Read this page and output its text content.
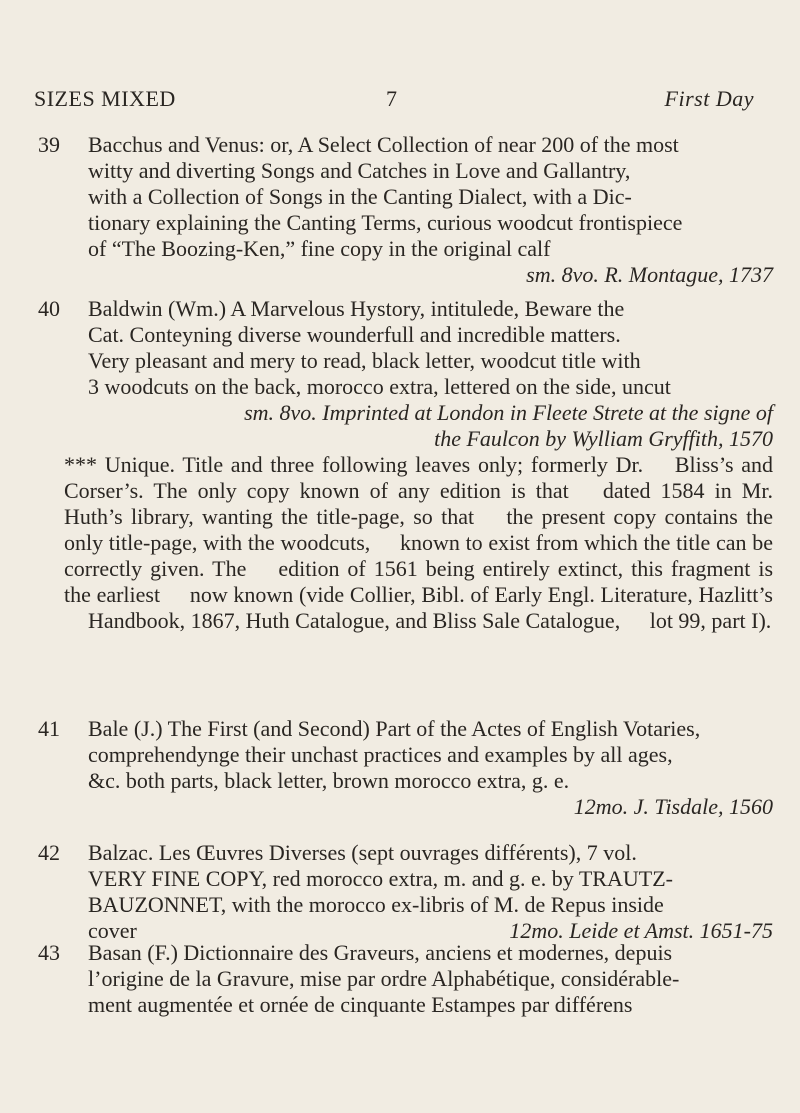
SIZES MIXED	7	First Day
39	Bacchus and Venus: or, A Select Collection of near 200 of the most
witty and diverting Songs and Catches in Love and Gallantry,
with a Collection of Songs in the Canting Dialect, with a Dic-
tionary explaining the Canting Terms, curious woodcut frontispiece
of “The Boozing-Ken,” fine copy in the original calf
sm. 8vo. R. Montague, 1737
40	Baldwin (Wm.) A Marvelous Hystory, intitulede, Beware the
Cat. Conteyning diverse wounderfull and incredible matters.
Very pleasant and mery to read, black letter, woodcut title with
3 woodcuts on the back, morocco extra, lettered on the side, uncut
sm. 8vo. Imprinted at London in Fleete Strete at the signe of
the Faulcon by Wylliam Gryffith, 1570
*** Unique. Title and three following leaves only; formerly Dr. Bliss’s and Corser’s. The only copy known of any edition is that dated 1584 in Mr. Huth’s library, wanting the title-page, so that the present copy contains the only title-page, with the woodcuts, known to exist from which the title can be correctly given. The edition of 1561 being entirely extinct, this fragment is the earliest now known (vide Collier, Bibl. of Early Engl. Literature, Hazlitt’s Handbook, 1867, Huth Catalogue, and Bliss Sale Catalogue, lot 99, part I).
41	Bale (J.) The First (and Second) Part of the Actes of English Votaries,
comprehendynge their unchast practices and examples by all ages,
&c. both parts, black letter, brown morocco extra, g. e.
12mo. J. Tisdale, 1560
42	Balzac. Les Œuvres Diverses (sept ouvrages différents), 7 vol.
VERY FINE COPY, red morocco extra, m. and g. e. by TRAUTZ-
BAUZONNET, with the morocco ex-libris of M. de Repus inside
cover	12mo. Leide et Amst. 1651-75
43	Basan (F.) Dictionnaire des Graveurs, anciens et modernes, depuis
l’origine de la Gravure, mise par ordre Alphabétique, considérable-
ment augmentée et ornée de cinquante Estampes par différens
